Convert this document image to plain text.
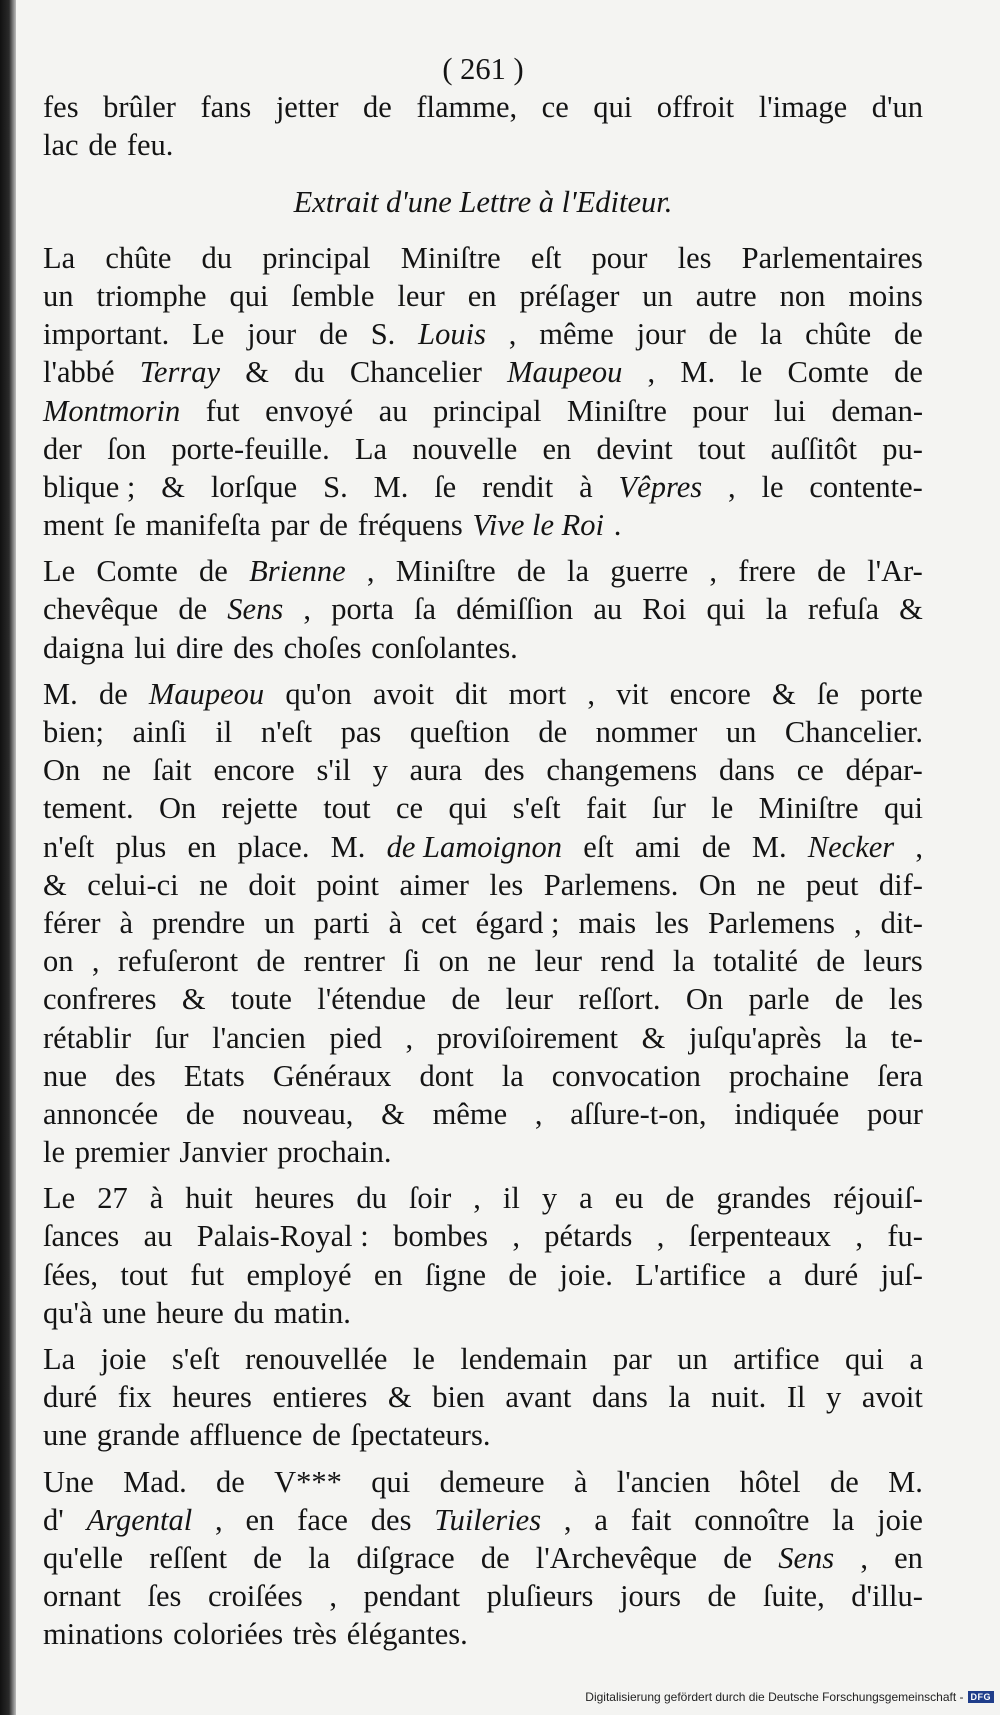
( 261 )
fes brûler fans jetter de flamme, ce qui offroit l'image d'un
lac de feu.
Extrait d'une Lettre à l'Editeur.
La chûte du principal Miniſtre eſt pour les Parlementaires
un triomphe qui ſemble leur en préſager un autre non moins
important. Le jour de S. Louis , même jour de la chûte de
l'abbé Terray & du Chancelier Maupeou , M. le Comte de
Montmorin fut envoyé au principal Miniſtre pour lui deman-
der ſon porte-feuille. La nouvelle en devint tout auſſitôt pu-
blique ; & lorſque S. M. ſe rendit à Vêpres , le contente-
ment ſe manifeſta par de fréquens Vive le Roi .
Le Comte de Brienne , Miniſtre de la guerre , frere de l'Ar-
chevêque de Sens , porta ſa démiſſion au Roi qui la refuſa &
daigna lui dire des choſes conſolantes.
M. de Maupeou qu'on avoit dit mort , vit encore & ſe porte
bien; ainſi il n'eſt pas queſtion de nommer un Chancelier.
On ne ſait encore s'il y aura des changemens dans ce dépar-
tement. On rejette tout ce qui s'eſt fait ſur le Miniſtre qui
n'eſt plus en place. M. de Lamoignon eſt ami de M. Necker ,
& celui-ci ne doit point aimer les Parlemens. On ne peut dif-
férer à prendre un parti à cet égard ; mais les Parlemens , dit-
on , refuſeront de rentrer ſi on ne leur rend la totalité de leurs
confreres & toute l'étendue de leur reſſort. On parle de les
rétablir ſur l'ancien pied , proviſoirement & juſqu'après la te-
nue des Etats Généraux dont la convocation prochaine ſera
annoncée de nouveau, & même , aſſure-t-on, indiquée pour
le premier Janvier prochain.
Le 27 à huit heures du ſoir , il y a eu de grandes réjouiſ-
ſances au Palais-Royal : bombes , pétards , ſerpenteaux , fu-
ſées, tout fut employé en ſigne de joie. L'artifice a duré juſ-
qu'à une heure du matin.
La joie s'eſt renouvellée le lendemain par un artifice qui a
duré fix heures entieres & bien avant dans la nuit. Il y avoit
une grande affluence de ſpectateurs.
Une Mad. de V*** qui demeure à l'ancien hôtel de M.
d' Argental , en face des Tuileries , a fait connoître la joie
qu'elle reſſent de la diſgrace de l'Archevêque de Sens , en
ornant ſes croiſées , pendant pluſieurs jours de ſuite, d'illu-
minations coloriées très élégantes.
Digitalisierung gefördert durch die Deutsche Forschungsgemeinschaft - DFG
